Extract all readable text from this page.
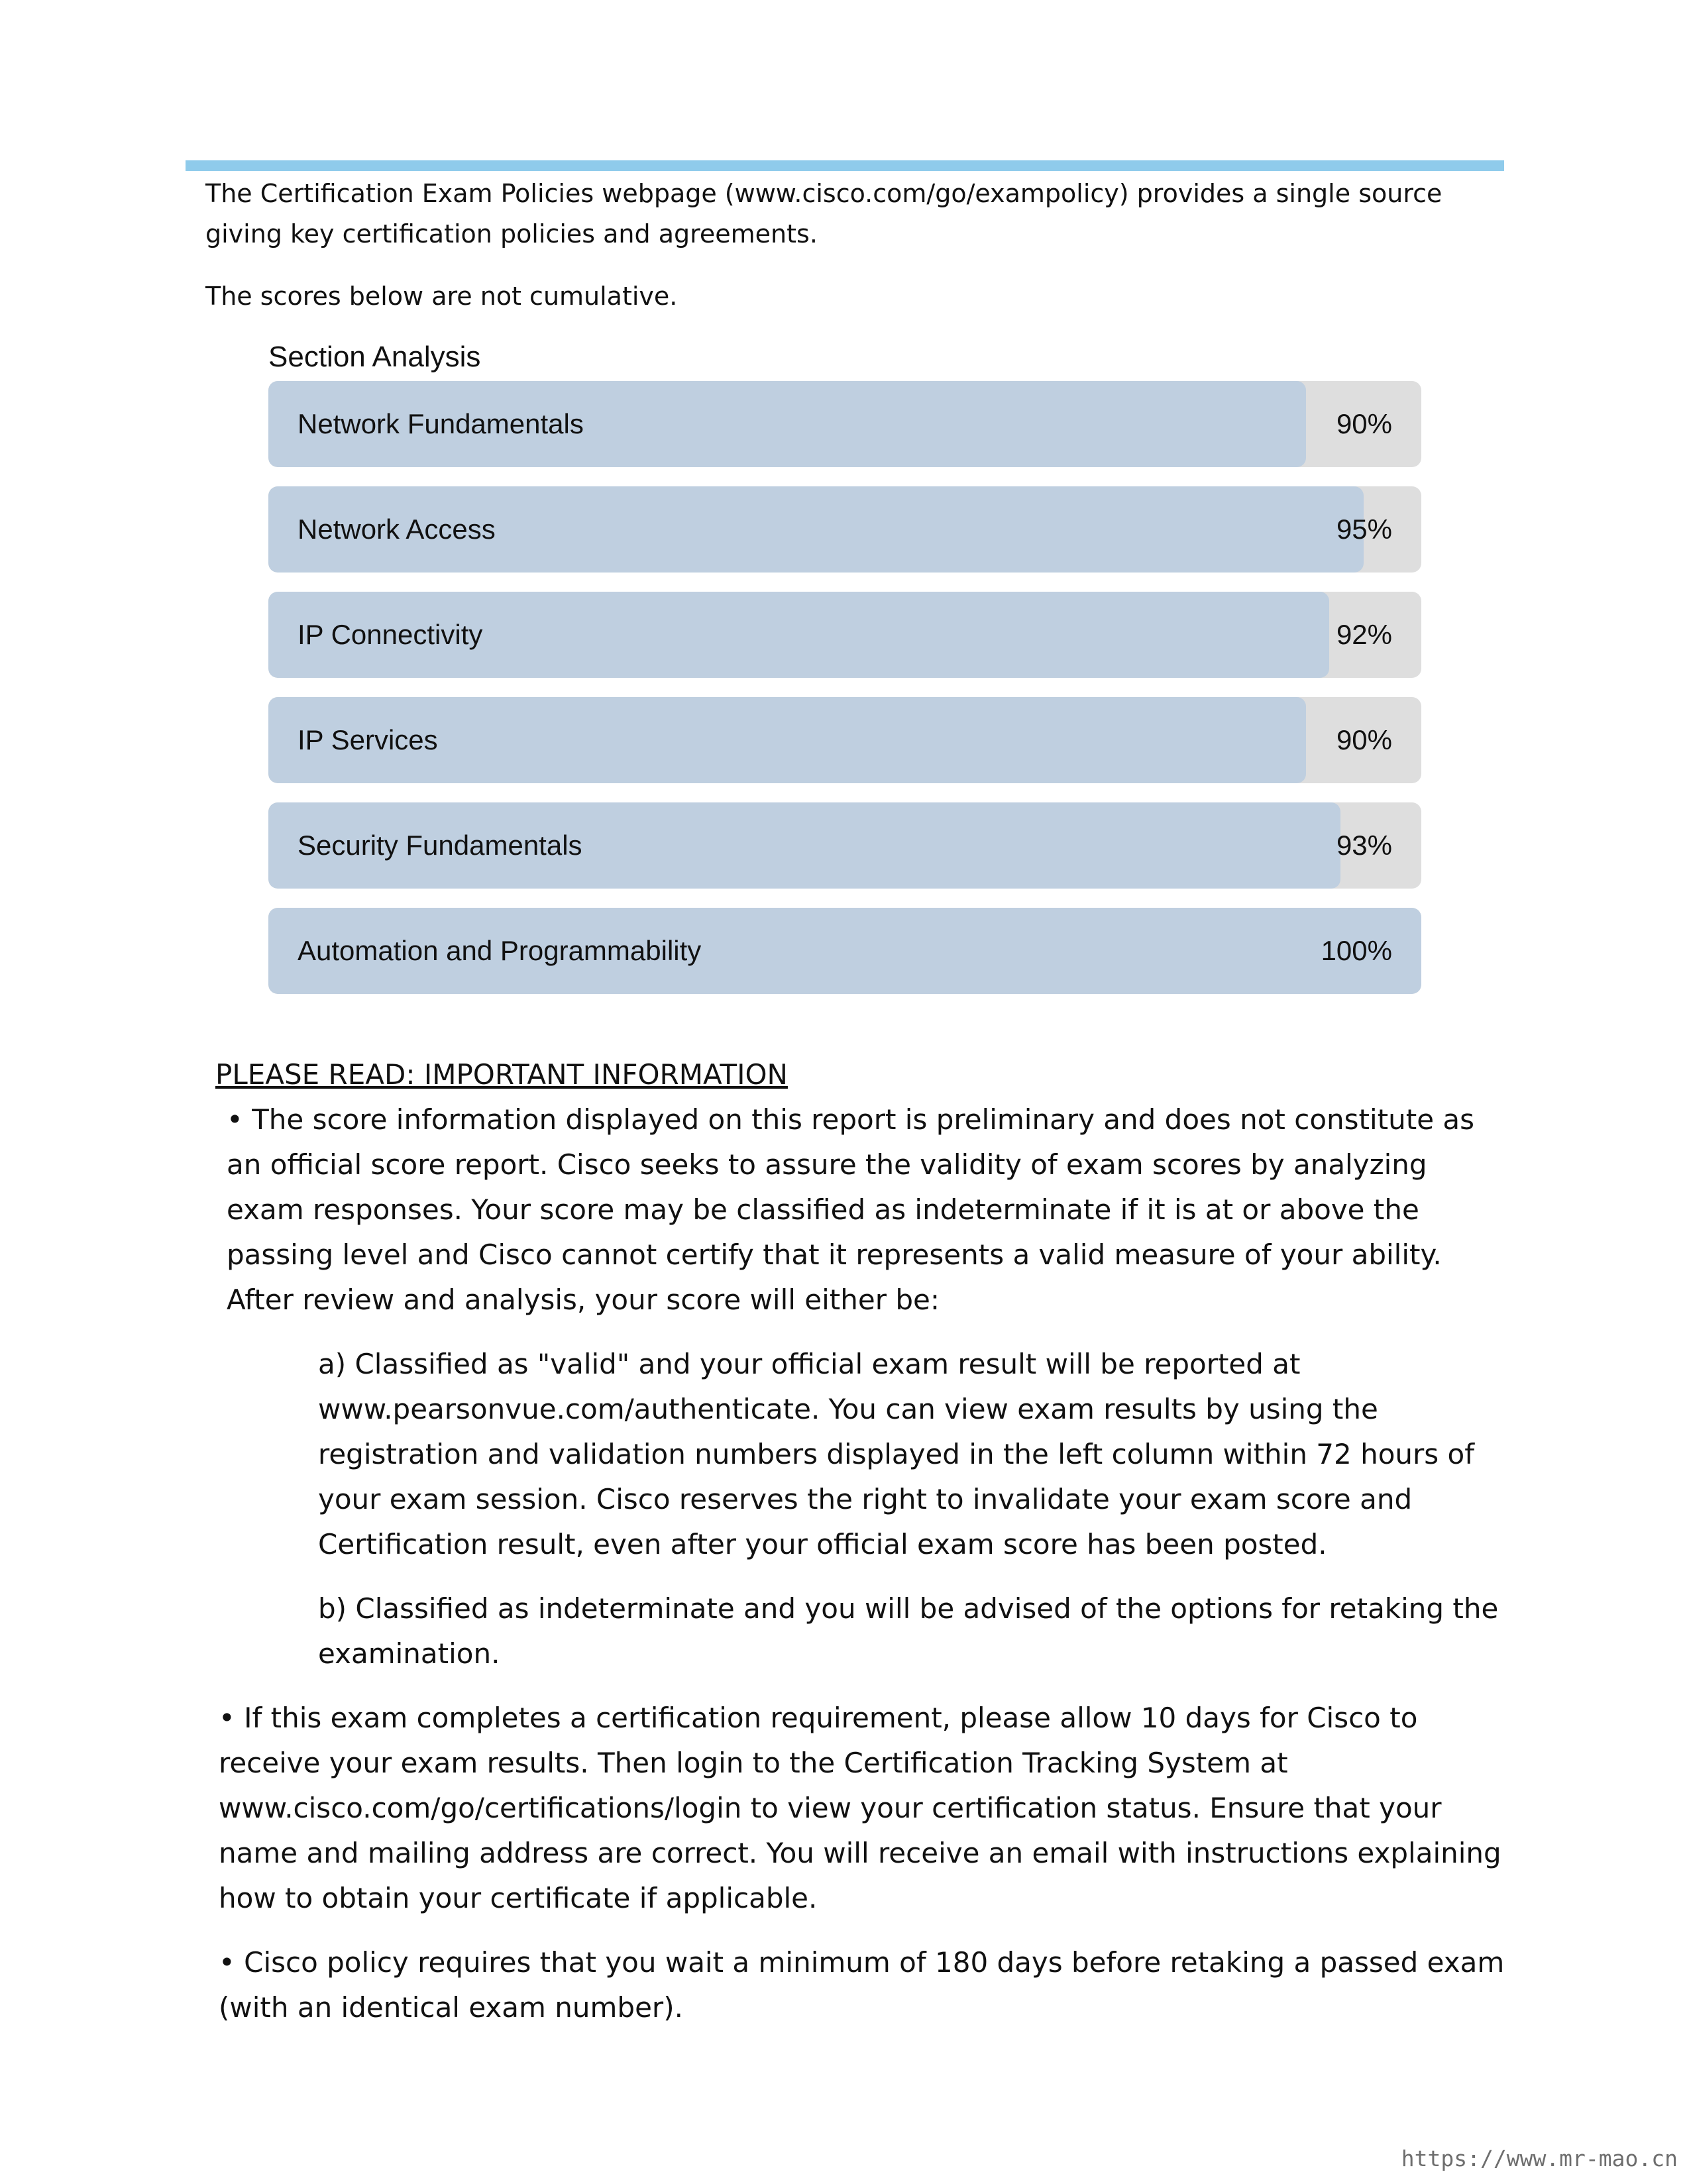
The Certification Exam Policies webpage (www.cisco.com/go/exampolicy) provides a single source giving key certification policies and agreements.

The scores below are not cumulative.

Section Analysis
Network Fundamentals	90%
Network Access	95%
IP Connectivity	92%
IP Services	90%
Security Fundamentals	93%
Automation and Programmability	100%
PLEASE READ: IMPORTANT INFORMATION

• The score information displayed on this report is preliminary and does not constitute as an official score report. Cisco seeks to assure the validity of exam scores by analyzing exam responses. Your score may be classified as indeterminate if it is at or above the passing level and Cisco cannot certify that it represents a valid measure of your ability. After review and analysis, your score will either be:

a) Classified as "valid" and your official exam result will be reported at www.pearsonvue.com/authenticate. You can view exam results by using the registration and validation numbers displayed in the left column within 72 hours of your exam session. Cisco reserves the right to invalidate your exam score and Certification result, even after your official exam score has been posted.

b) Classified as indeterminate and you will be advised of the options for retaking the examination.

• If this exam completes a certification requirement, please allow 10 days for Cisco to receive your exam results. Then login to the Certification Tracking System at www.cisco.com/go/certifications/login to view your certification status. Ensure that your name and mailing address are correct. You will receive an email with instructions explaining how to obtain your certificate if applicable.

• Cisco policy requires that you wait a minimum of 180 days before retaking a passed exam (with an identical exam number).

https://www.mr-mao.cn
